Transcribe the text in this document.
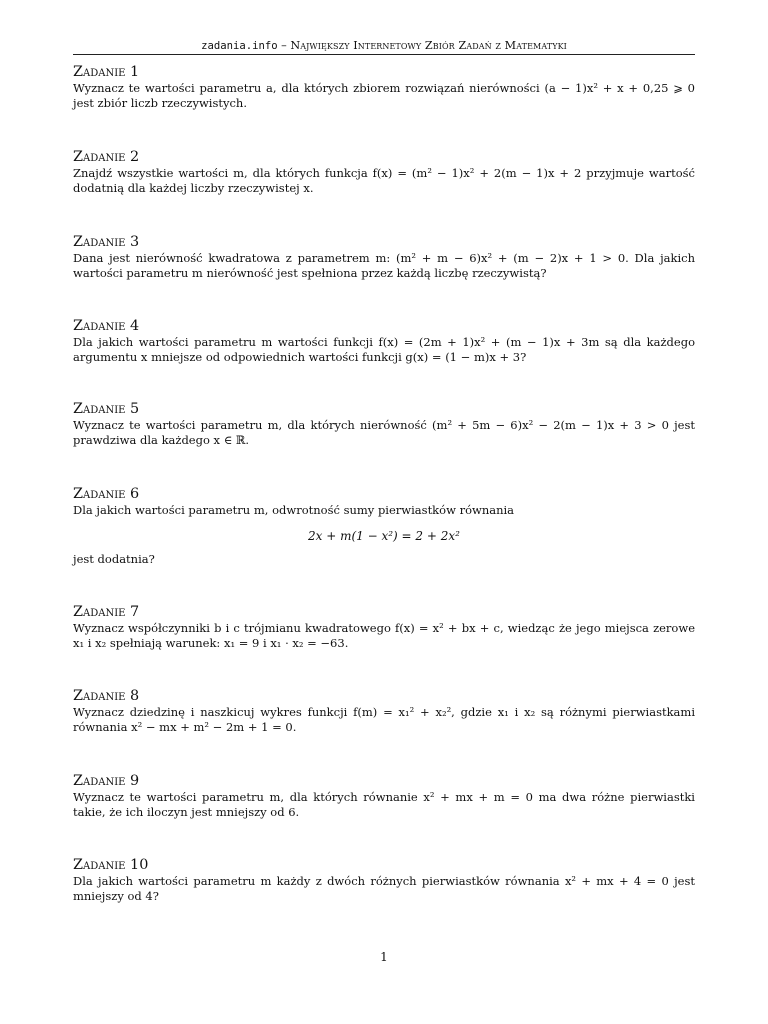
zadania.info – Największy Internetowy Zbiór Zadań z Matematyki
Zadanie 1
Wyznacz te wartości parametru a, dla których zbiorem rozwiązań nierówności (a − 1)x² + x + 0,25 ⩾ 0 jest zbiór liczb rzeczywistych.
Zadanie 2
Znajdź wszystkie wartości m, dla których funkcja f(x) = (m² − 1)x² + 2(m − 1)x + 2 przyjmuje wartość dodatnią dla każdej liczby rzeczywistej x.
Zadanie 3
Dana jest nierówność kwadratowa z parametrem m: (m² + m − 6)x² + (m − 2)x + 1 > 0. Dla jakich wartości parametru m nierówność jest spełniona przez każdą liczbę rzeczywistą?
Zadanie 4
Dla jakich wartości parametru m wartości funkcji f(x) = (2m + 1)x² + (m − 1)x + 3m są dla każdego argumentu x mniejsze od odpowiednich wartości funkcji g(x) = (1 − m)x + 3?
Zadanie 5
Wyznacz te wartości parametru m, dla których nierówność (m² + 5m − 6)x² − 2(m − 1)x + 3 > 0 jest prawdziwa dla każdego x ∈ ℝ.
Zadanie 6
Dla jakich wartości parametru m, odwrotność sumy pierwiastków równania
2x + m(1 − x²) = 2 + 2x²
jest dodatnia?
Zadanie 7
Wyznacz współczynniki b i c trójmianu kwadratowego f(x) = x² + bx + c, wiedząc że jego miejsca zerowe x₁ i x₂ spełniają warunek: x₁ = 9 i x₁ · x₂ = −63.
Zadanie 8
Wyznacz dziedzinę i naszkicuj wykres funkcji f(m) = x₁² + x₂², gdzie x₁ i x₂ są różnymi pierwiastkami równania x² − mx + m² − 2m + 1 = 0.
Zadanie 9
Wyznacz te wartości parametru m, dla których równanie x² + mx + m = 0 ma dwa różne pierwiastki takie, że ich iloczyn jest mniejszy od 6.
Zadanie 10
Dla jakich wartości parametru m każdy z dwóch różnych pierwiastków równania x² + mx + 4 = 0 jest mniejszy od 4?
1
